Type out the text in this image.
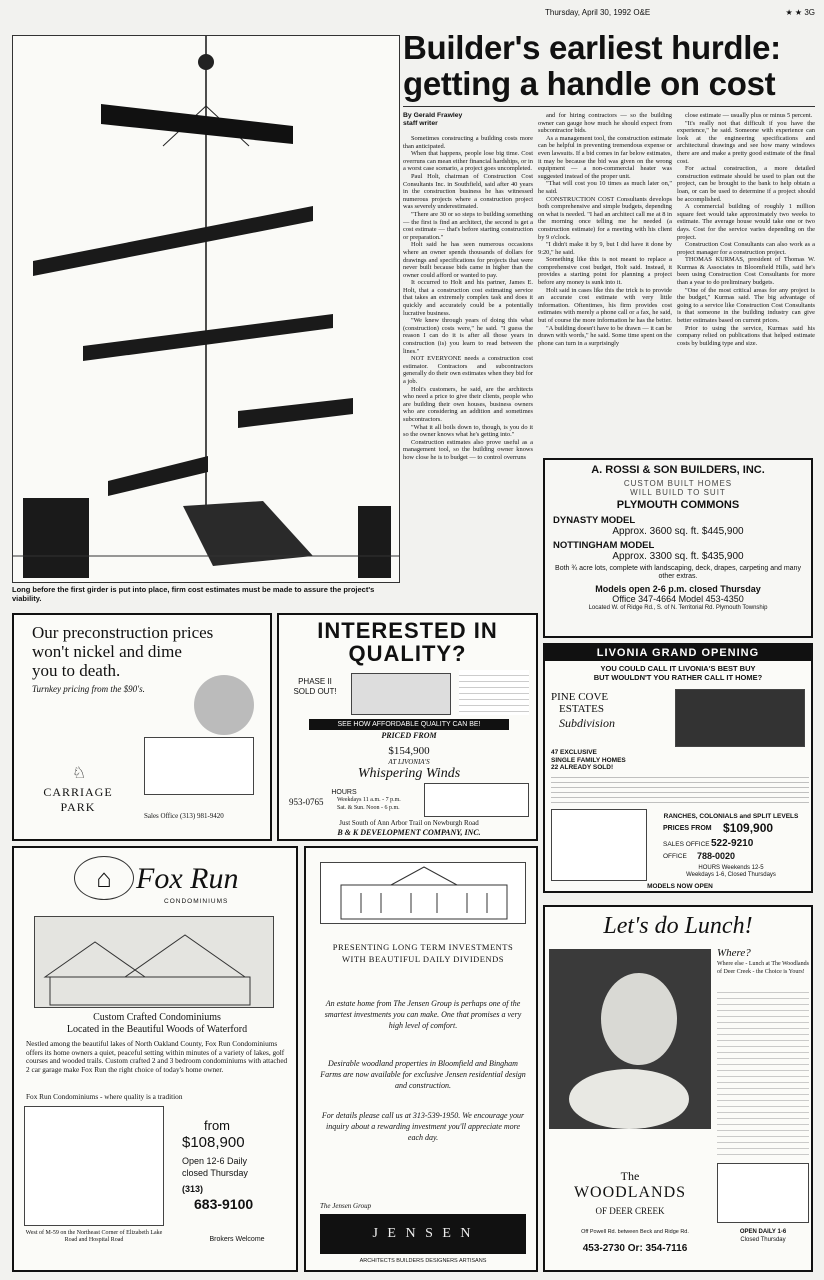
Thursday, April 30, 1992 O&E	★ ★ 3G
Long before the first girder is put into place, firm cost estimates must be made to assure the project's viability.
Builder's earliest hurdle:
getting a handle on cost
By Gerald Frawley
staff writer

Sometimes constructing a building costs more than anticipated.

When that happens, people lose big time. Cost overruns can mean either financial hardships, or in a worst case scenario, a project goes uncompleted.

Paul Holt, chairman of Construction Cost Consultants Inc. in Southfield, said after 40 years in the construction business he has witnessed numerous projects where a construction project was severely underestimated.

"There are 30 or so steps to building something — the first is find an architect, the second is get a cost estimate — that's before starting construction or preparation."

Holt said he has seen numerous occasions where an owner spends thousands of dollars for drawings and specifications for projects that were never built because bids came in higher than the owner could afford or wanted to pay.

It occurred to Holt and his partner, James E. Holt, that a construction cost estimating service that takes an extremely complex task and does it quickly and accurately could be a potentially lucrative business.

"We knew through years of doing this what (construction) costs were," he said. "I guess the reason I can do it is after all those years in construction (is) you learn to read between the lines."

NOT EVERYONE needs a construction cost estimator. Contractors and subcontractors generally do their own estimates when they bid for a job.

Holt's customers, he said, are the architects who need a price to give their clients, people who are building their own houses, business owners who are considering an addition and sometimes subcontractors.

"What it all boils down to, though, is you do it so the owner knows what he's getting into."

Construction estimates also prove useful as a management tool, so the building owner knows how close he is to budget — to control overruns

and for hiring contractors — so the building owner can gauge how much he should expect from subcontractor bids.

As a management tool, the construction estimate can be helpful in preventing tremendous expense or even lawsuits. If a bid comes in far below estimates, it may be because the bid was given on the wrong equipment — a non-commercial heater was suggested instead of the proper unit.

"That will cost you 10 times as much later on," he said.

CONSTRUCTION COST Consultants develops both comprehensive and simple budgets, depending on what is needed. "I had an architect call me at 8 in the morning once telling me he needed (a construction estimate) for a meeting with his client by 9 o'clock.

"I didn't make it by 9, but I did have it done by 9:20," he said.

Something like this is not meant to replace a comprehensive cost budget, Holt said. Instead, it provides a starting point for planning a project before any money is sunk into it.

Holt said in cases like this the trick is to provide an accurate cost estimate with very little information. Oftentimes, his firm provides cost estimates with merely a phone call or a fax, he said, but of course the more information he has the better.

"A building doesn't have to be drawn — it can be drawn with words," he said. Some time spent on the phone can turn in a surprisingly

close estimate — usually plus or minus 5 percent.

"It's really not that difficult if you have the experience," he said. Someone with experience can look at the engineering specifications and architectural drawings and see how many windows there are and make a pretty good estimate of the final cost.

For actual construction, a more detailed construction estimate should be used to plan out the project, can be brought to the bank to help obtain a loan, or can be used to determine if a project should be accomplished.

A commercial building of roughly 1 million square feet would take approximately two weeks to estimate. The average house would take one or two days. Cost for the service varies depending on the project.

Construction Cost Consultants can also work as a project manager for a construction project.

THOMAS KURMAS, president of Thomas W. Kurmas & Associates in Bloomfield Hills, said he's been using Construction Cost Consultants for more than a year to do preliminary budgets.

"One of the most critical areas for any project is the budget," Kurmas said. The big advantage of going to a service like Construction Cost Consultants is that someone in the building industry can give better estimates based on current prices.

Prior to using the service, Kurmas said his company relied on publications that helped estimate costs by building type and size.

A. ROSSI & SON BUILDERS, INC.
CUSTOM BUILT HOMES
WILL BUILD TO SUIT
PLYMOUTH COMMONS
DYNASTY MODEL
Approx. 3600 sq. ft. $445,900
NOTTINGHAM MODEL
Approx. 3300 sq. ft. $435,900
Both ¾ acre lots, complete with landscaping, deck, drapes, carpeting and many other extras.
Models open 2-6 p.m. closed Thursday
Office 347-4664 Model 453-4350
Located W. of Ridge Rd., S. of N. Territorial Rd. Plymouth Township
Our preconstruction prices
won't nickel and dime
you to death.
Turnkey pricing from the $90's.
♘
CARRIAGE
PARK
Sales Office (313) 981-9420
INTERESTED IN
QUALITY?
PHASE II
SOLD OUT!
SEE HOW AFFORDABLE QUALITY CAN BE!
PRICED FROM
$154,900
AT LIVONIA'S
Whispering Winds
HOURS
953-0765	Weekdays 11 a.m. - 7 p.m.
Sat. & Sun. Noon - 6 p.m.
Just South of Ann Arbor Trail on Newburgh Road
B & K DEVELOPMENT COMPANY, INC.
LIVONIA GRAND OPENING
YOU COULD CALL IT LIVONIA'S BEST BUY
BUT WOULDN'T YOU RATHER CALL IT HOME?
PINE COVE
ESTATES
Subdivision
47 EXCLUSIVE
SINGLE FAMILY HOMES
22 ALREADY SOLD!
RANCHES, COLONIALS and SPLIT LEVELS
PRICES FROM $109,900
SALES OFFICE 522-9210
OFFICE	788-0020
HOURS Weekends 12-5
Weekdays 1-6, Closed Thursdays
MODELS NOW OPEN
⌂ Fox Run
CONDOMINIUMS
Custom Crafted Condominiums
Located in the Beautiful Woods of Waterford
Nestled among the beautiful lakes of North Oakland County, Fox Run Condominiums offers its home owners a quiet, peaceful setting within minutes of a variety of lakes, golf courses and wooded trails. Custom crafted 2 and 3 bedroom condominiums with attached 2 car garage make Fox Run the right choice of today's home owner.
Fox Run Condominiums - where quality is a tradition
from
$108,900
Open 12-6 Daily
closed Thursday
(313)
683-9100
West of M-59 on the Northeast Corner of Elizabeth Lake Road and Hospital Road	Brokers Welcome
PRESENTING LONG TERM INVESTMENTS
WITH BEAUTIFUL DAILY DIVIDENDS
An estate home from The Jensen Group is perhaps one of the smartest investments you can make. One that promises a very high level of comfort.
Desirable woodland properties in Bloomfield and Bingham Farms are now available for exclusive Jensen residential design and construction.
For details please call us at 313-539-1950. We encourage your inquiry about a rewarding investment you'll appreciate more each day.
The Jensen Group
J E N S E N
ARCHITECTS BUILDERS DESIGNERS ARTISANS
Let's do Lunch!
Where?
Where else - Lunch at The Woodlands of Deer Creek - the Choice is Yours!
The
WOODLANDS
OF DEER CREEK
Off Powell Rd. between Beck and Ridge Rd.
453-2730 Or: 354-7116
OPEN DAILY 1-6
Closed Thursday
